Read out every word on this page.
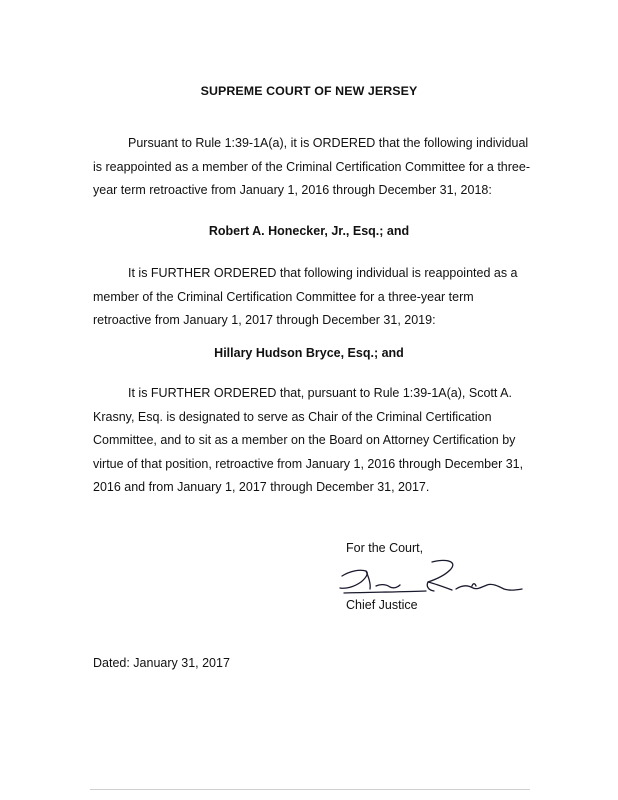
SUPREME COURT OF NEW JERSEY

Pursuant to Rule 1:39-1A(a), it is ORDERED that the following individual is reappointed as a member of the Criminal Certification Committee for a three-year term retroactive from January 1, 2016 through December 31, 2018:

Robert A. Honecker, Jr., Esq.; and

It is FURTHER ORDERED that following individual is reappointed as a member of the Criminal Certification Committee for a three-year term retroactive from January 1, 2017 through December 31, 2019:

Hillary Hudson Bryce, Esq.; and

It is FURTHER ORDERED that, pursuant to Rule 1:39-1A(a), Scott A. Krasny, Esq. is designated to serve as Chair of the Criminal Certification Committee, and to sit as a member on the Board on Attorney Certification by virtue of that position, retroactive from January 1, 2016 through December 31, 2016 and from January 1, 2017 through December 31, 2017.

For the Court,
Chief Justice
Dated: January 31, 2017
